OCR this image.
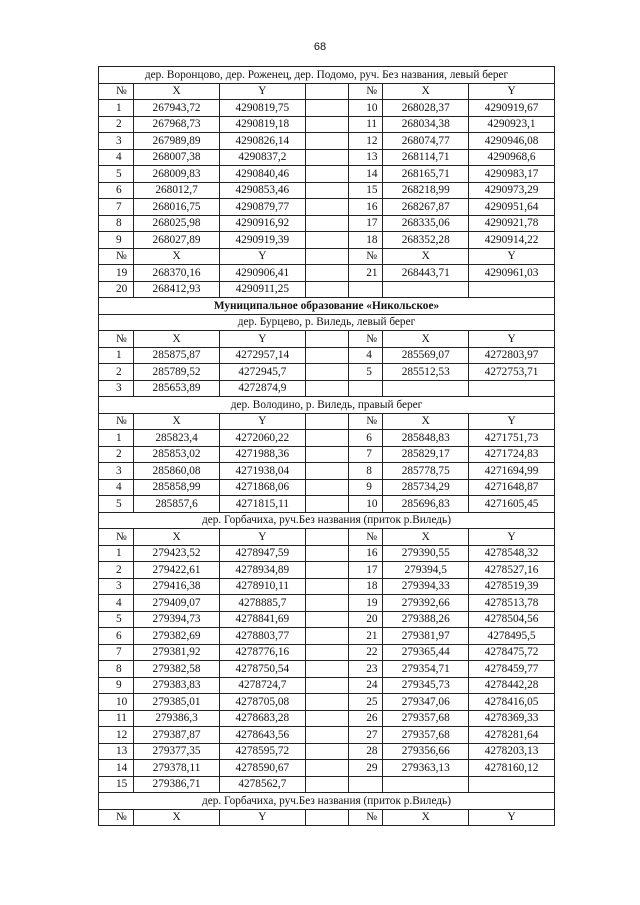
68
дер. Воронцово, дер. Роженец, дер. Подомо, руч. Без названия, левый берег						
№	X	Y		№	X	Y
1	267943,72	4290819,75		10	268028,37	4290919,67
2	267968,73	4290819,18		11	268034,38	4290923,1
3	267989,89	4290826,14		12	268074,77	4290946,08
4	268007,38	4290837,2		13	268114,71	4290968,6
5	268009,83	4290840,46		14	268165,71	4290983,17
6	268012,7	4290853,46		15	268218,99	4290973,29
7	268016,75	4290879,77		16	268267,87	4290951,64
8	268025,98	4290916,92		17	268335,06	4290921,78
9	268027,89	4290919,39		18	268352,28	4290914,22
№	X	Y		№	X	Y
19	268370,16	4290906,41		21	268443,71	4290961,03
20	268412,93	4290911,25				
Муниципальное образование «Никольское»						
дер. Бурцево, р. Виледь, левый берег						
№	X	Y		№	X	Y
1	285875,87	4272957,14		4	285569,07	4272803,97
2	285789,52	4272945,7		5	285512,53	4272753,71
3	285653,89	4272874,9				
дер. Володино, р. Виледь, правый берег						
№	X	Y		№	X	Y
1	285823,4	4272060,22		6	285848,83	4271751,73
2	285853,02	4271988,36		7	285829,17	4271724,83
3	285860,08	4271938,04		8	285778,75	4271694,99
4	285858,99	4271868,06		9	285734,29	4271648,87
5	285857,6	4271815,11		10	285696,83	4271605,45
дер. Горбачиха, руч.Без названия (приток р.Виледь)						
№	X	Y		№	X	Y
1	279423,52	4278947,59		16	279390,55	4278548,32
2	279422,61	4278934,89		17	279394,5	4278527,16
3	279416,38	4278910,11		18	279394,33	4278519,39
4	279409,07	4278885,7		19	279392,66	4278513,78
5	279394,73	4278841,69		20	279388,26	4278504,56
6	279382,69	4278803,77		21	279381,97	4278495,5
7	279381,92	4278776,16		22	279365,44	4278475,72
8	279382,58	4278750,54		23	279354,71	4278459,77
9	279383,83	4278724,7		24	279345,73	4278442,28
10	279385,01	4278705,08		25	279347,06	4278416,05
11	279386,3	4278683,28		26	279357,68	4278369,33
12	279387,87	4278643,56		27	279357,68	4278281,64
13	279377,35	4278595,72		28	279356,66	4278203,13
14	279378,11	4278590,67		29	279363,13	4278160,12
15	279386,71	4278562,7				
дер. Горбачиха, руч.Без названия (приток р.Виледь)						
№	X	Y		№	X	Y
